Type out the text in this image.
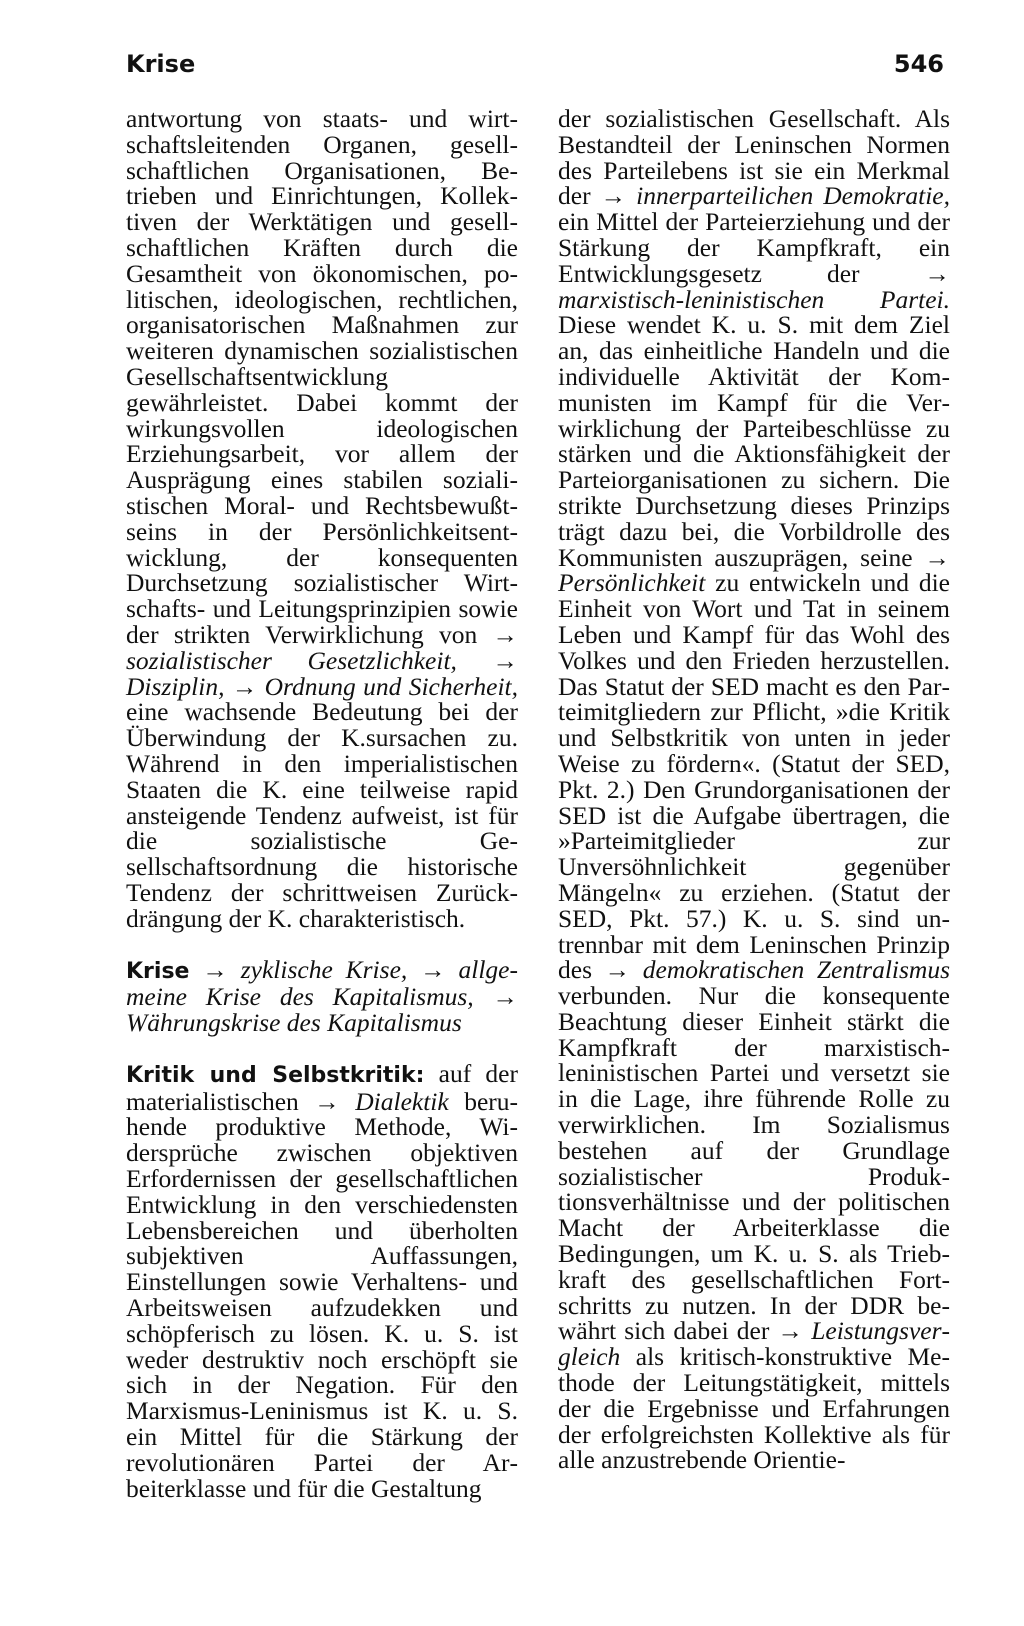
Krise	546

antwortung von staats- und wirtschaftsleitenden Organen, gesellschaftlichen Organisationen, Betrieben und Einrichtungen, Kollektiven der Werktätigen und gesellschaftlichen Kräften durch die Gesamtheit von ökonomischen, politischen, ideologischen, rechtlichen, organisatorischen Maßnahmen zur weiteren dynamischen sozialistischen Gesellschaftsentwicklung gewährleistet. Dabei kommt der wirkungsvollen ideologischen Erziehungsarbeit, vor allem der Ausprägung eines stabilen sozialistischen Moral- und Rechtsbewußtseins in der Persönlichkeitsentwicklung, der konsequenten Durchsetzung sozialistischer Wirtschafts- und Leitungsprinzipien sowie der strikten Verwirklichung von → sozialistischer Gesetzlichkeit, → Disziplin, → Ordnung und Sicherheit, eine wachsende Bedeutung bei der Überwindung der K.sursachen zu. Während in den imperialistischen Staaten die K. eine teilweise rapid ansteigende Tendenz aufweist, ist für die sozialistische Gesellschaftsordnung die historische Tendenz der schrittweisen Zurückdrängung der K. charakteristisch.

Krise → zyklische Krise, → allgemeine Krise des Kapitalismus, → Währungskrise des Kapitalismus

Kritik und Selbstkritik: auf der materialistischen → Dialektik beruhende produktive Methode, Widersprüche zwischen objektiven Erfordernissen der gesellschaftlichen Entwicklung in den verschiedensten Lebensbereichen und überholten subjektiven Auffassungen, Einstellungen sowie Verhaltens- und Arbeitsweisen aufzudekken und schöpferisch zu lösen. K. u. S. ist weder destruktiv noch erschöpft sie sich in der Negation. Für den Marxismus-Leninismus ist K. u. S. ein Mittel für die Stärkung der revolutionären Partei der Arbeiterklasse und für die Gestaltung

der sozialistischen Gesellschaft. Als Bestandteil der Leninschen Normen des Parteilebens ist sie ein Merkmal der → innerparteilichen Demokratie, ein Mittel der Parteierziehung und der Stärkung der Kampfkraft, ein Entwicklungsgesetz der	→ marxistisch-leninistischen Partei. Diese wendet K. u. S. mit dem Ziel an, das einheitliche Handeln und die individuelle Aktivität der Kommunisten im Kampf für die Verwirklichung der Parteibeschlüsse zu stärken und die Aktionsfähigkeit der Parteiorganisationen zu sichern. Die strikte Durchsetzung dieses Prinzips trägt dazu bei, die Vorbildrolle des Kommunisten auszuprägen, seine → Persönlichkeit zu entwickeln und die Einheit von Wort und Tat in seinem Leben und Kampf für das Wohl des Volkes und den Frieden herzustellen. Das Statut der SED macht es den Parteimitgliedern zur Pflicht, »die Kritik und Selbstkritik von unten in jeder Weise zu fördern«. (Statut der SED, Pkt. 2.) Den Grundorganisationen der SED ist die Aufgabe übertragen, die »Parteimitglieder zur Unversöhnlichkeit gegenüber Mängeln« zu erziehen. (Statut der SED, Pkt. 57.) K. u. S. sind untrennbar mit dem Leninschen Prinzip des → demokratischen Zentralismus verbunden. Nur die konsequente Beachtung dieser Einheit stärkt die Kampfkraft der marxistisch-leninistischen Partei und versetzt sie in die Lage, ihre führende Rolle zu verwirklichen. Im Sozialismus bestehen auf der Grundlage sozialistischer Produktionsverhältnisse und der politischen Macht der Arbeiterklasse die Bedingungen, um K. u. S. als Triebkraft des gesellschaftlichen Fortschritts zu nutzen. In der DDR bewährt sich dabei der → Leistungsvergleich als kritisch-konstruktive Methode der Leitungstätigkeit, mittels der die Ergebnisse und Erfahrungen der erfolgreichsten Kollektive als für alle anzustrebende Orientie-
